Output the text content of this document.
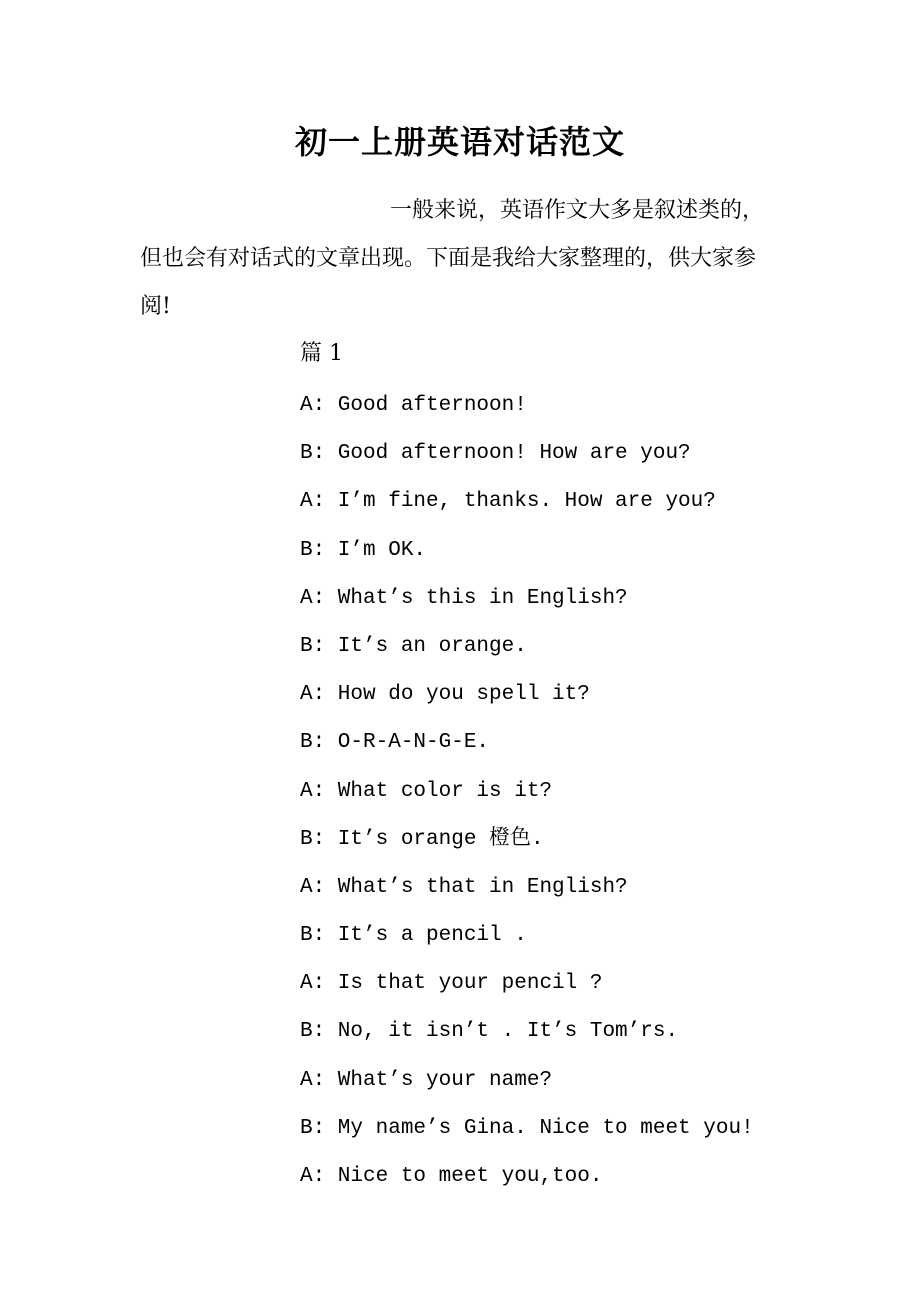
初一上册英语对话范文
一般来说，英语作文大多是叙述类的，但也会有对话式的文章出现。下面是我给大家整理的，供大家参阅!
篇 1
A: Good afternoon!
B: Good afternoon! How are you?
A: I’m fine, thanks. How are you?
B: I’m OK.
A: What’s this in English?
B: It’s an orange.
A: How do you spell it?
B: O-R-A-N-G-E.
A: What color is it?
B: It’s orange 橙色.
A: What’s that in English?
B: It’s a pencil .
A: Is that your pencil ?
B: No, it isn’t . It’s Tom’rs.
A: What’s your name?
B: My name’s Gina. Nice to meet you!
A: Nice to meet you,too.
